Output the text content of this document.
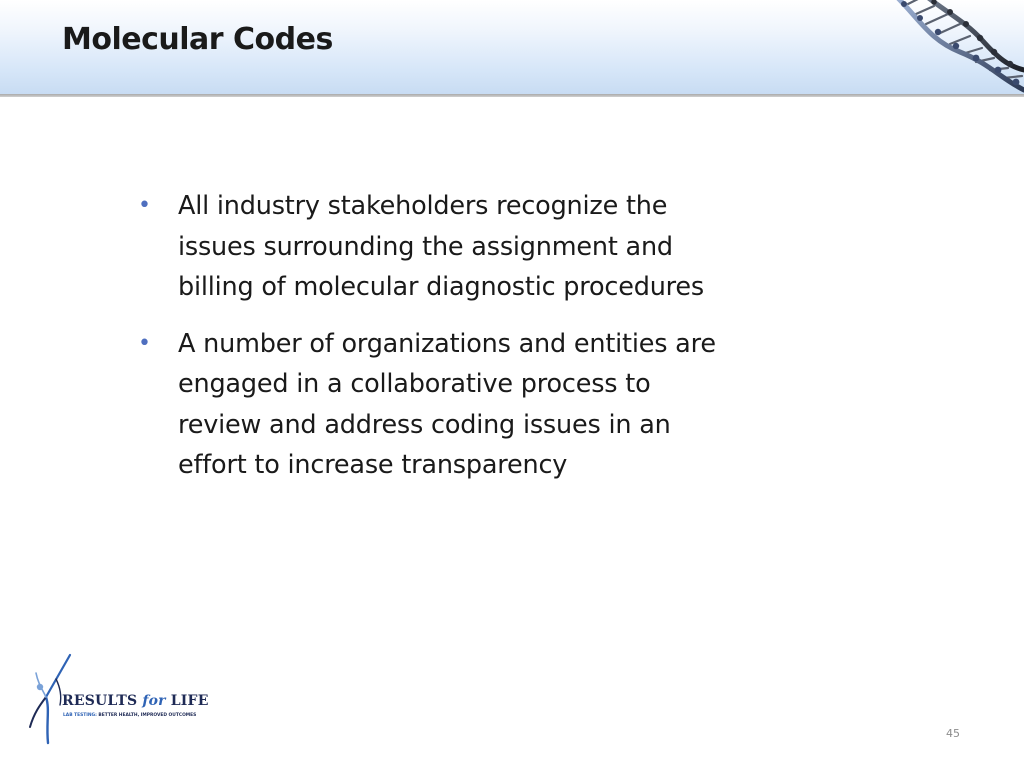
Molecular Codes
• All industry stakeholders recognize the
issues surrounding the assignment and
billing of molecular diagnostic procedures
• A number of organizations and entities are
engaged in a collaborative process to
review and address coding issues in an
effort to increase transparency
RESULTS for LIFE
LAB TESTING: BETTER HEALTH, IMPROVED OUTCOMES
45
